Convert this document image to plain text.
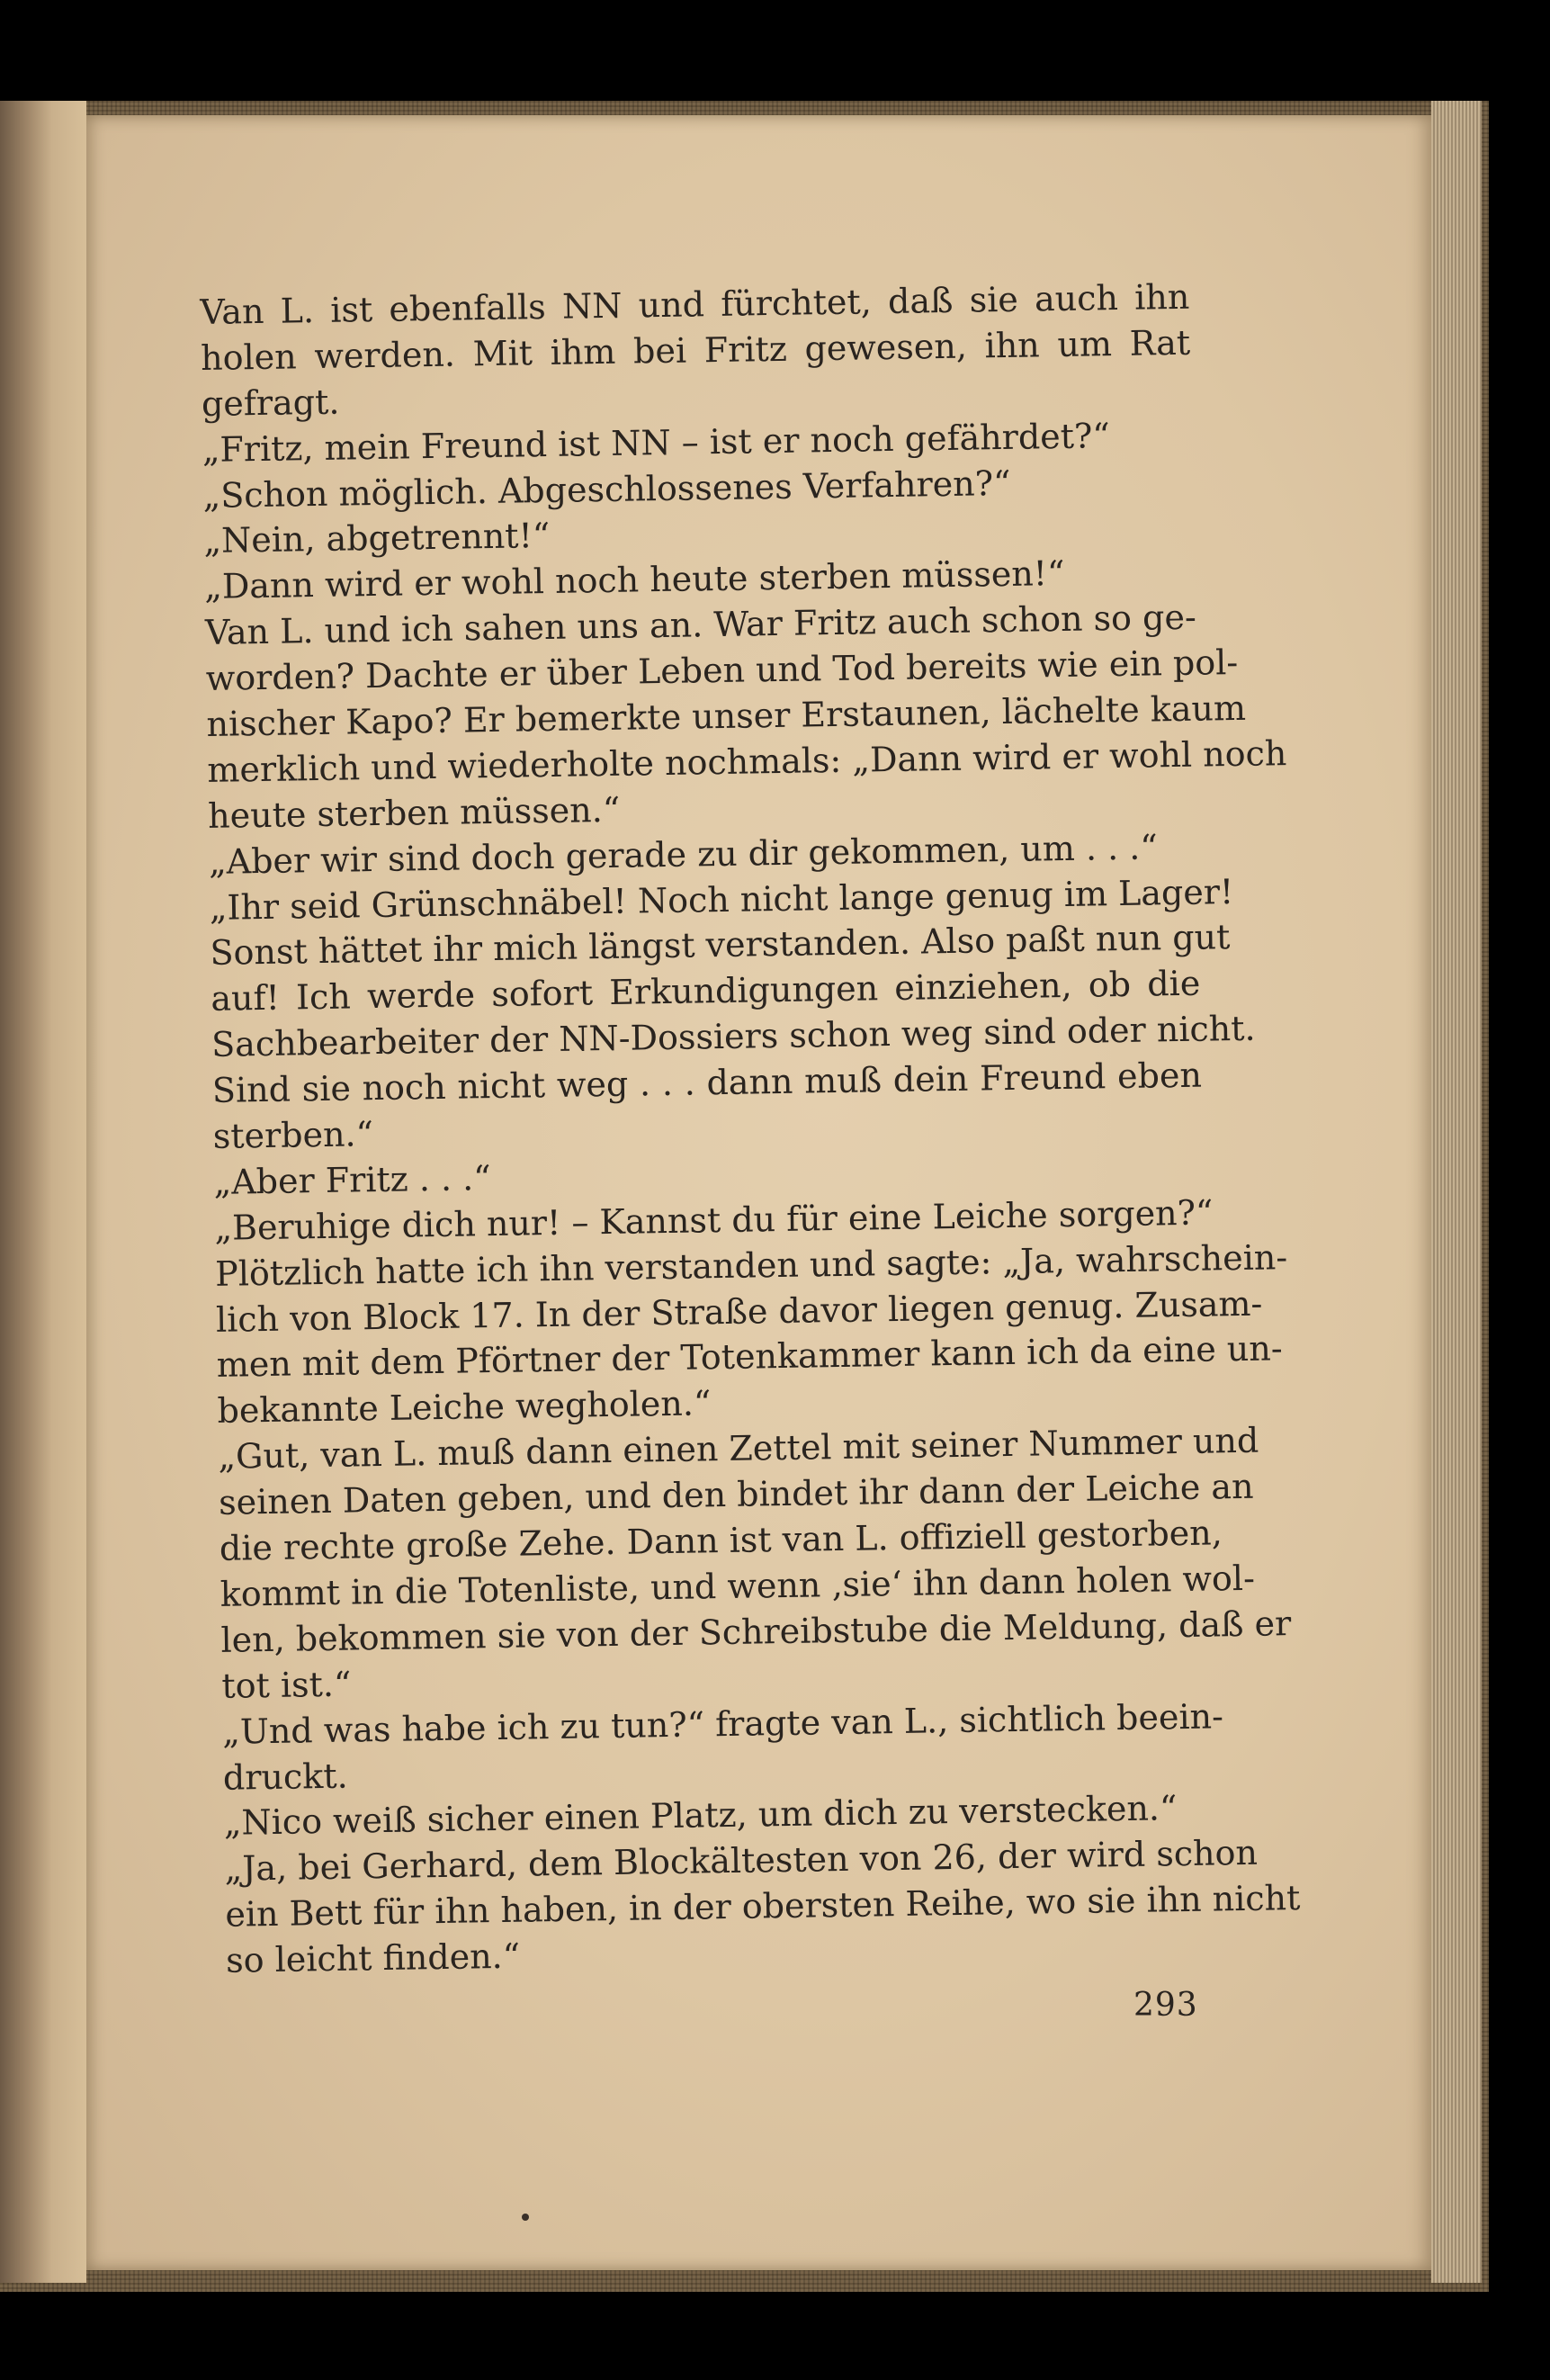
Van L. ist ebenfalls NN und fürchtet, daß sie auch ihn
holen werden. Mit ihm bei Fritz gewesen, ihn um Rat
gefragt.
„Fritz, mein Freund ist NN – ist er noch gefährdet?“
„Schon möglich. Abgeschlossenes Verfahren?“
„Nein, abgetrennt!“
„Dann wird er wohl noch heute sterben müssen!“
Van L. und ich sahen uns an. War Fritz auch schon so ge-
worden? Dachte er über Leben und Tod bereits wie ein pol-
nischer Kapo? Er bemerkte unser Erstaunen, lächelte kaum
merklich und wiederholte nochmals: „Dann wird er wohl noch
heute sterben müssen.“
„Aber wir sind doch gerade zu dir gekommen, um . . .“
„Ihr seid Grünschnäbel! Noch nicht lange genug im Lager!
Sonst hättet ihr mich längst verstanden. Also paßt nun gut
auf! Ich werde sofort Erkundigungen einziehen, ob die
Sachbearbeiter der NN-Dossiers schon weg sind oder nicht.
Sind sie noch nicht weg . . . dann muß dein Freund eben
sterben.“
„Aber Fritz . . .“
„Beruhige dich nur! – Kannst du für eine Leiche sorgen?“
Plötzlich hatte ich ihn verstanden und sagte: „Ja, wahrschein-
lich von Block 17. In der Straße davor liegen genug. Zusam-
men mit dem Pförtner der Totenkammer kann ich da eine un-
bekannte Leiche wegholen.“
„Gut, van L. muß dann einen Zettel mit seiner Nummer und
seinen Daten geben, und den bindet ihr dann der Leiche an
die rechte große Zehe. Dann ist van L. offiziell gestorben,
kommt in die Totenliste, und wenn ‚sie‘ ihn dann holen wol-
len, bekommen sie von der Schreibstube die Meldung, daß er
tot ist.“
„Und was habe ich zu tun?“ fragte van L., sichtlich beein-
druckt.
„Nico weiß sicher einen Platz, um dich zu verstecken.“
„Ja, bei Gerhard, dem Blockältesten von 26, der wird schon
ein Bett für ihn haben, in der obersten Reihe, wo sie ihn nicht
so leicht finden.“
293
